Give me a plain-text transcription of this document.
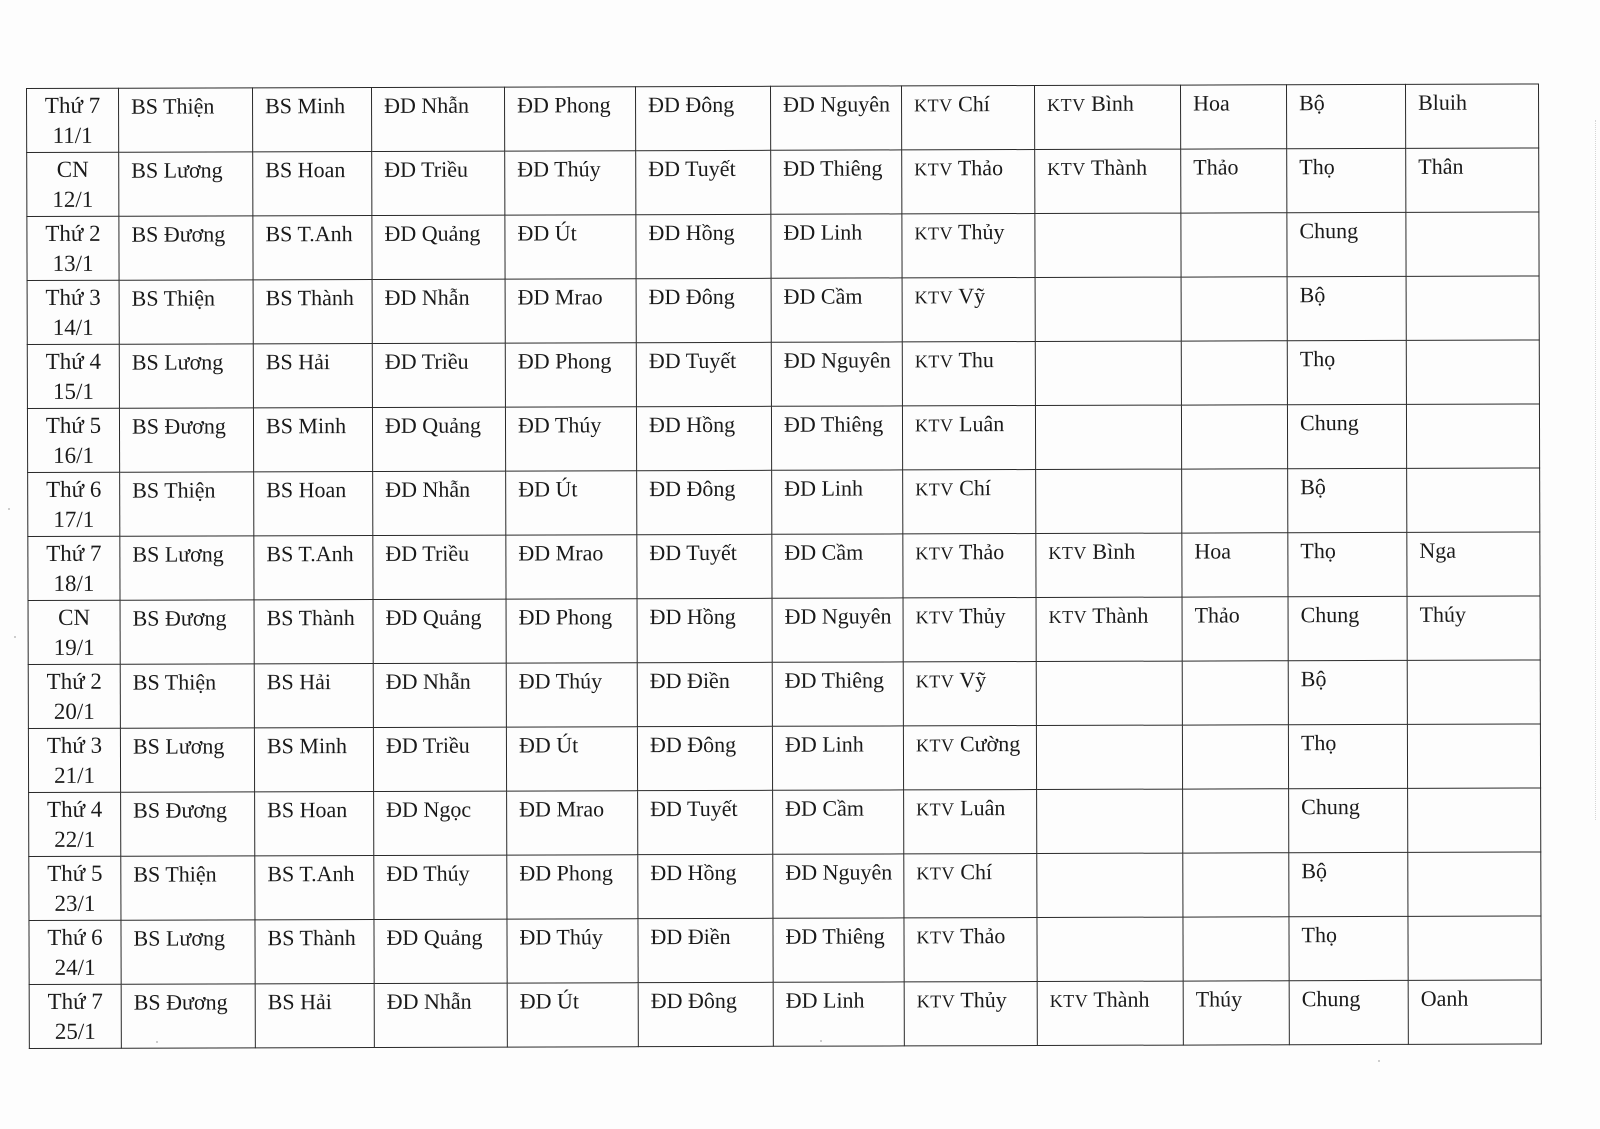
Thứ 7
11/1	BS Thiện	BS Minh	ĐD Nhẫn	ĐD Phong	ĐD Đông	ĐD Nguyên	KTV Chí	KTV Bình	Hoa	Bộ	Bluih

CN
12/1	BS Lương	BS Hoan	ĐD Triều	ĐD Thúy	ĐD Tuyết	ĐD Thiêng	KTV Thảo	KTV Thành	Thảo	Thọ	Thân

Thứ 2
13/1	BS Đương	BS T.Anh	ĐD Quảng	ĐD Út	ĐD Hồng	ĐD Linh	KTV Thủy			Chung	

Thứ 3
14/1	BS Thiện	BS Thành	ĐD Nhẫn	ĐD Mrao	ĐD Đông	ĐD Cầm	KTV Vỹ			Bộ	

Thứ 4
15/1	BS Lương	BS Hải	ĐD Triều	ĐD Phong	ĐD Tuyết	ĐD Nguyên	KTV Thu			Thọ	

Thứ 5
16/1	BS Đương	BS Minh	ĐD Quảng	ĐD Thúy	ĐD Hồng	ĐD Thiêng	KTV Luân			Chung	

Thứ 6
17/1	BS Thiện	BS Hoan	ĐD Nhẫn	ĐD Út	ĐD Đông	ĐD Linh	KTV Chí			Bộ	

Thứ 7
18/1	BS Lương	BS T.Anh	ĐD Triều	ĐD Mrao	ĐD Tuyết	ĐD Cầm	KTV Thảo	KTV Bình	Hoa	Thọ	Nga

CN
19/1	BS Đương	BS Thành	ĐD Quảng	ĐD Phong	ĐD Hồng	ĐD Nguyên	KTV Thủy	KTV Thành	Thảo	Chung	Thúy

Thứ 2
20/1	BS Thiện	BS Hải	ĐD Nhẫn	ĐD Thúy	ĐD Điền	ĐD Thiêng	KTV Vỹ			Bộ	

Thứ 3
21/1	BS Lương	BS Minh	ĐD Triều	ĐD Út	ĐD Đông	ĐD Linh	KTV Cường			Thọ	

Thứ 4
22/1	BS Đương	BS Hoan	ĐD Ngọc	ĐD Mrao	ĐD Tuyết	ĐD Cầm	KTV Luân			Chung	

Thứ 5
23/1	BS Thiện	BS T.Anh	ĐD Thúy	ĐD Phong	ĐD Hồng	ĐD Nguyên	KTV Chí			Bộ	

Thứ 6
24/1	BS Lương	BS Thành	ĐD Quảng	ĐD Thúy	ĐD Điền	ĐD Thiêng	KTV Thảo			Thọ	

Thứ 7
25/1	BS Đương	BS Hải	ĐD Nhẫn	ĐD Út	ĐD Đông	ĐD Linh	KTV Thủy	KTV Thành	Thúy	Chung	Oanh
